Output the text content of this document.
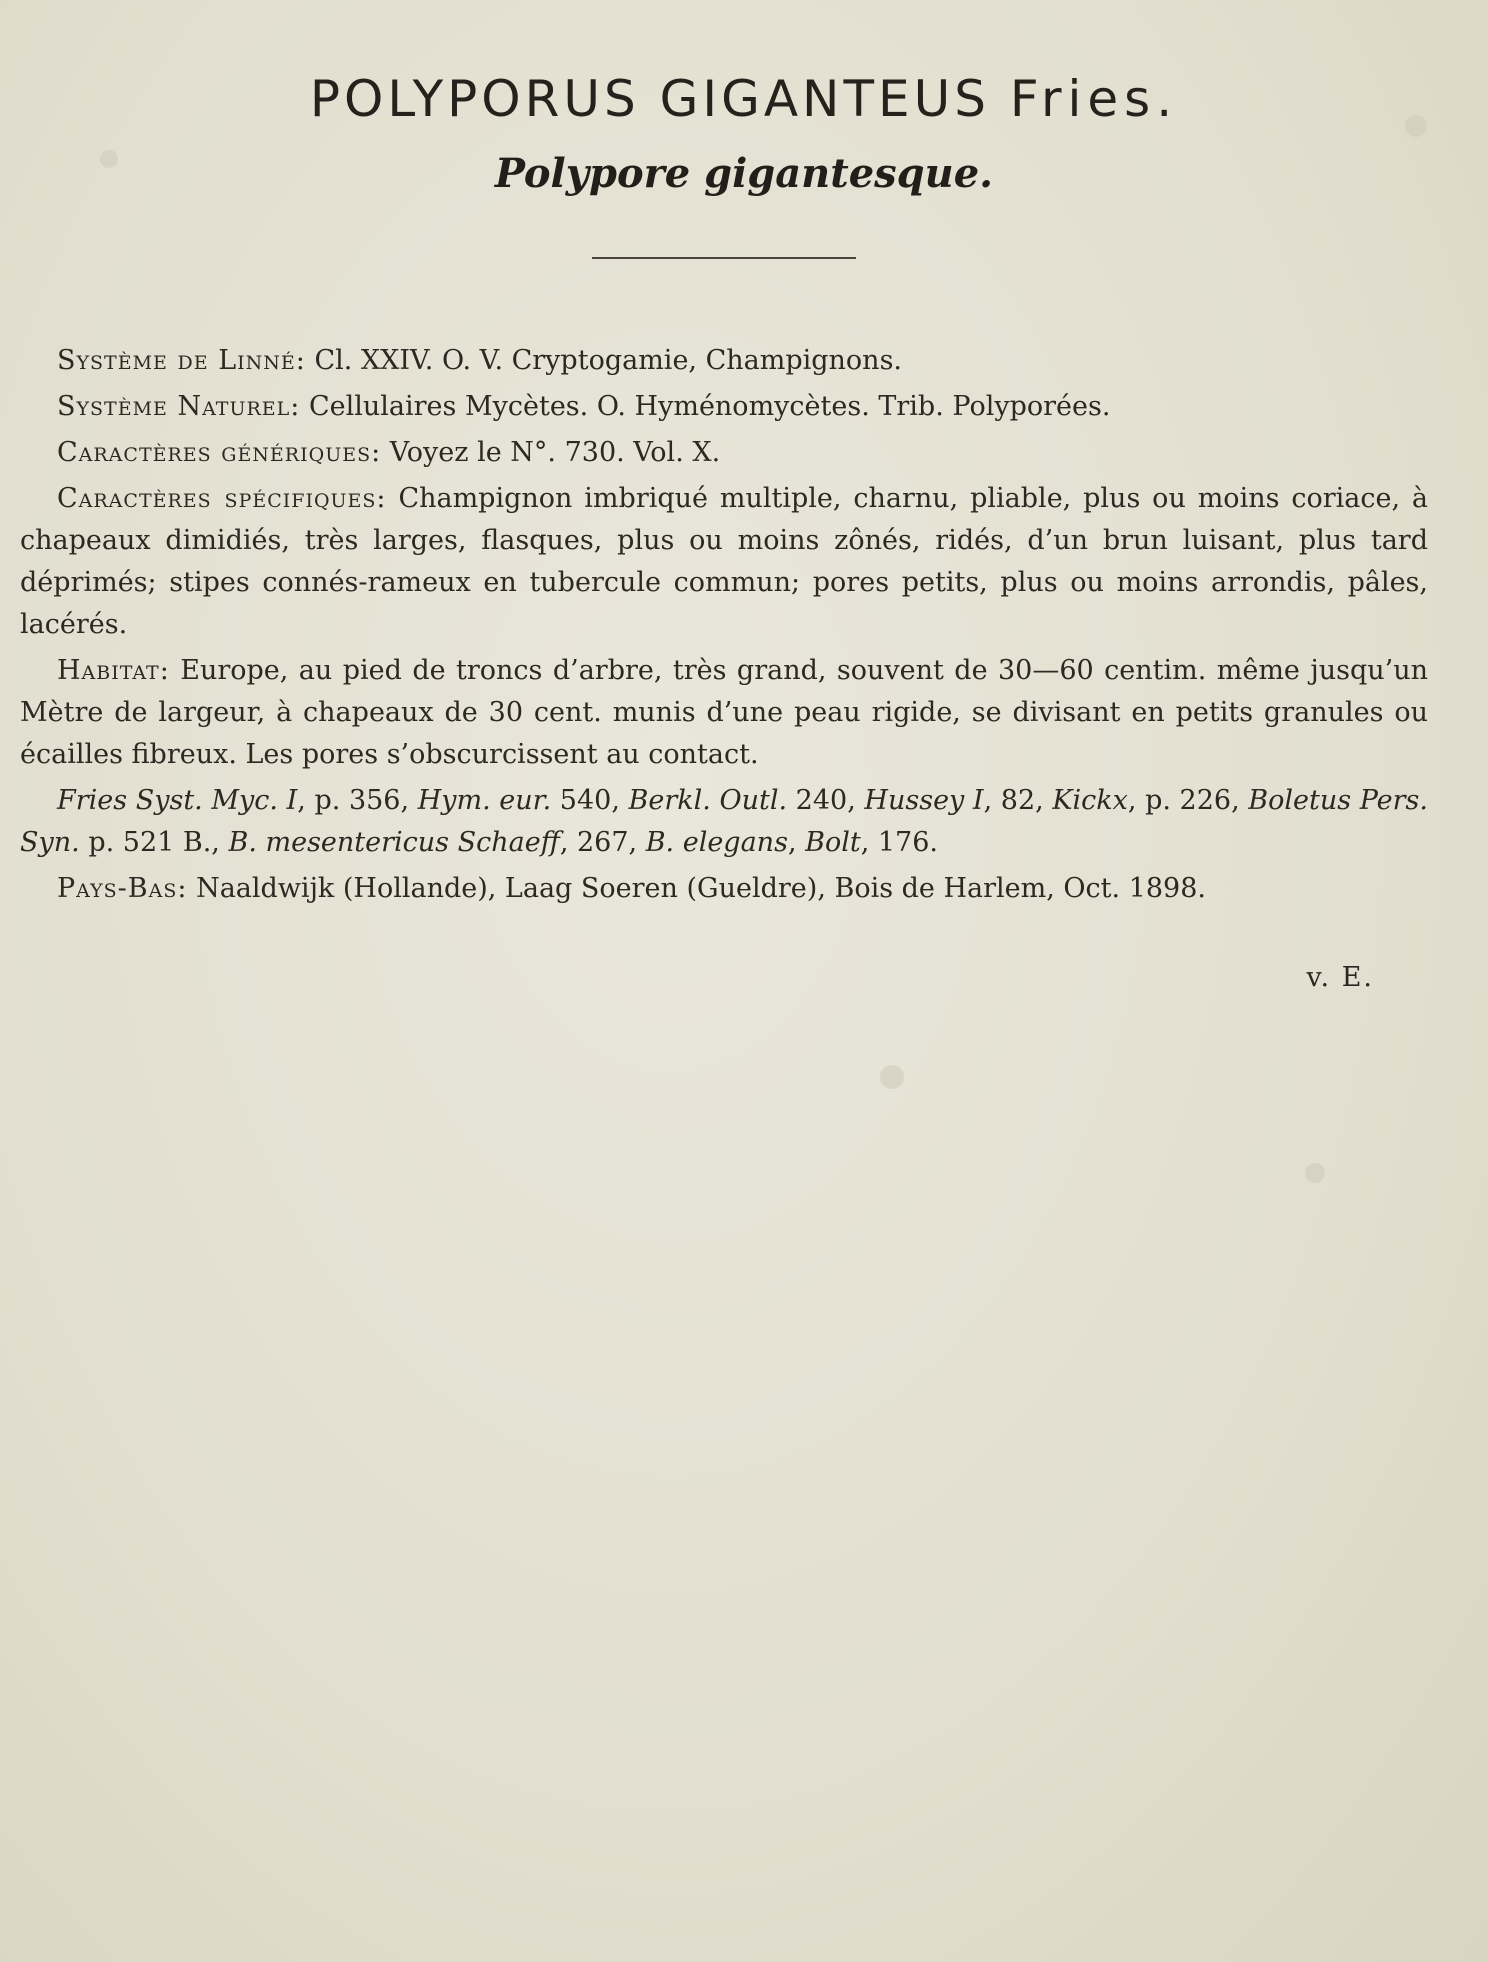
POLYPORUS GIGANTEUS Fries.
Polypore gigantesque.

Système de Linné: Cl. XXIV. O. V. Cryptogamie, Champignons.

Système Naturel: Cellulaires Mycètes. O. Hyménomycètes. Trib. Polyporées.

Caractères génériques: Voyez le N°. 730. Vol. X.

Caractères spécifiques: Champignon imbriqué multiple, charnu, pliable, plus ou moins coriace, à chapeaux dimidiés, très larges, flasques, plus ou moins zônés, ridés, d’un brun luisant, plus tard déprimés; stipes connés-rameux en tubercule commun; pores petits, plus ou moins arrondis, pâles, lacérés.

Habitat: Europe, au pied de troncs d’arbre, très grand, souvent de 30—60 centim. même jusqu’un Mètre de largeur, à chapeaux de 30 cent. munis d’une peau rigide, se divisant en petits granules ou écailles fibreux. Les pores s’obscurcissent au contact.

Fries Syst. Myc. I, p. 356, Hym. eur. 540, Berkl. Outl. 240, Hussey I, 82, Kickx, p. 226, Boletus Pers. Syn. p. 521 B., B. mesentericus Schaeff, 267, B. elegans, Bolt, 176.

Pays-Bas: Naaldwijk (Hollande), Laag Soeren (Gueldre), Bois de Harlem, Oct. 1898.

v. E.
